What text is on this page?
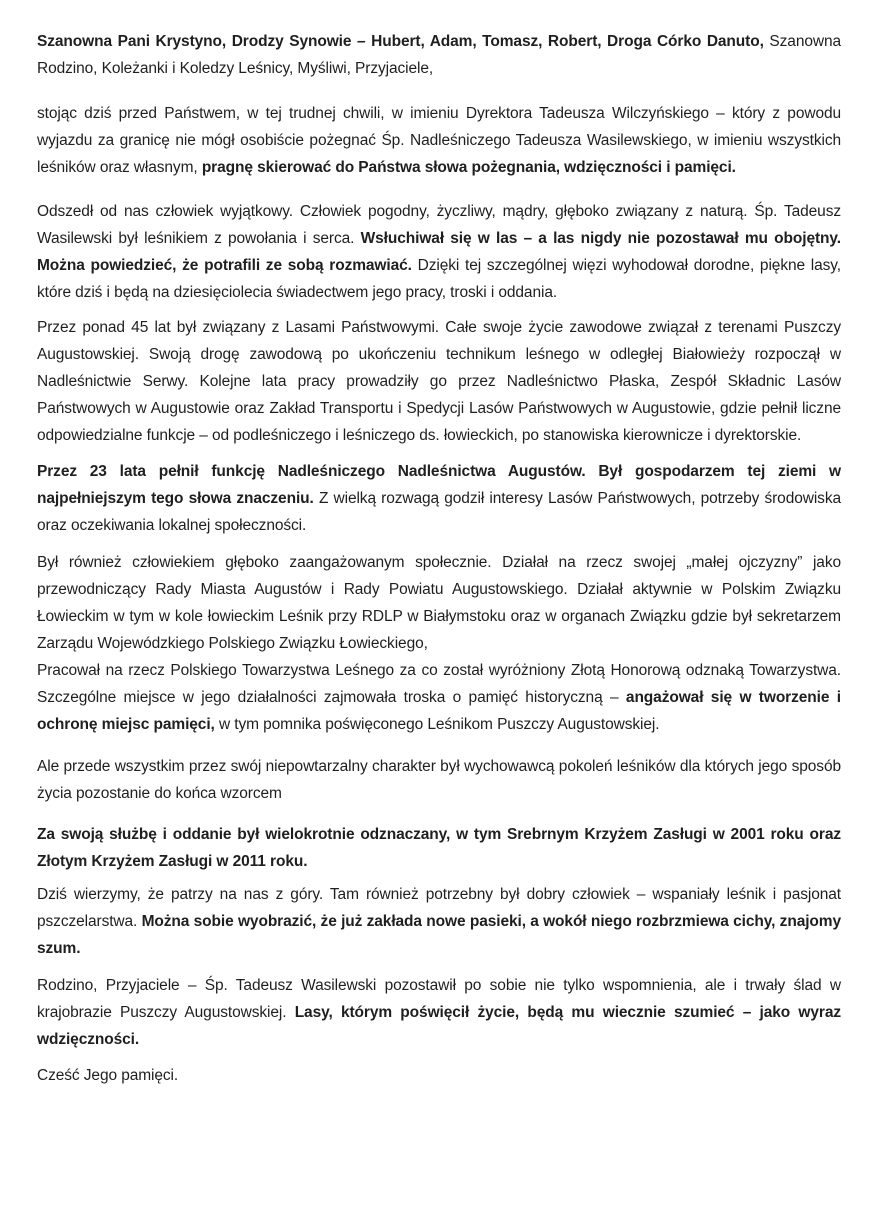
Szanowna Pani Krystyno, Drodzy Synowie – Hubert, Adam, Tomasz, Robert, Droga Córko Danuto, Szanowna Rodzino, Koleżanki i Koledzy Leśnicy, Myśliwi, Przyjaciele,

stojąc dziś przed Państwem, w tej trudnej chwili, w imieniu Dyrektora Tadeusza Wilczyńskiego – który z powodu wyjazdu za granicę nie mógł osobiście pożegnać Śp. Nadleśniczego Tadeusza Wasilewskiego, w imieniu wszystkich leśników oraz własnym, pragnę skierować do Państwa słowa pożegnania, wdzięczności i pamięci.

Odszedł od nas człowiek wyjątkowy. Człowiek pogodny, życzliwy, mądry, głęboko związany z naturą. Śp. Tadeusz Wasilewski był leśnikiem z powołania i serca. Wsłuchiwał się w las – a las nigdy nie pozostawał mu obojętny. Można powiedzieć, że potrafili ze sobą rozmawiać. Dzięki tej szczególnej więzi wyhodował dorodne, piękne lasy, które dziś i będą na dziesięciolecia świadectwem jego pracy, troski i oddania.

Przez ponad 45 lat był związany z Lasami Państwowymi. Całe swoje życie zawodowe związał z terenami Puszczy Augustowskiej. Swoją drogę zawodową po ukończeniu technikum leśnego w odległej Białowieży rozpoczął w Nadleśnictwie Serwy. Kolejne lata pracy prowadziły go przez Nadleśnictwo Płaska, Zespół Składnic Lasów Państwowych w Augustowie oraz Zakład Transportu i Spedycji Lasów Państwowych w Augustowie, gdzie pełnił liczne odpowiedzialne funkcje – od podleśniczego i leśniczego ds. łowieckich, po stanowiska kierownicze i dyrektorskie.

Przez 23 lata pełnił funkcję Nadleśniczego Nadleśnictwa Augustów. Był gospodarzem tej ziemi w najpełniejszym tego słowa znaczeniu. Z wielką rozwagą godził interesy Lasów Państwowych, potrzeby środowiska oraz oczekiwania lokalnej społeczności.

Był również człowiekiem głęboko zaangażowanym społecznie. Działał na rzecz swojej „małej ojczyzny” jako przewodniczący Rady Miasta Augustów i Rady Powiatu Augustowskiego. Działał aktywnie w Polskim Związku Łowieckim w tym w kole łowieckim Leśnik przy RDLP w Białymstoku oraz w organach Związku gdzie był sekretarzem Zarządu Wojewódzkiego Polskiego Związku Łowieckiego,

Pracował na rzecz Polskiego Towarzystwa Leśnego za co został wyróżniony Złotą Honorową odznaką Towarzystwa. Szczególne miejsce w jego działalności zajmowała troska o pamięć historyczną – angażował się w tworzenie i ochronę miejsc pamięci, w tym pomnika poświęconego Leśnikom Puszczy Augustowskiej.

Ale przede wszystkim przez swój niepowtarzalny charakter był wychowawcą pokoleń leśników dla których jego sposób życia pozostanie do końca wzorcem

Za swoją służbę i oddanie był wielokrotnie odznaczany, w tym Srebrnym Krzyżem Zasługi w 2001 roku oraz Złotym Krzyżem Zasługi w 2011 roku.

Dziś wierzymy, że patrzy na nas z góry. Tam również potrzebny był dobry człowiek – wspaniały leśnik i pasjonat pszczelarstwa. Można sobie wyobrazić, że już zakłada nowe pasieki, a wokół niego rozbrzmiewa cichy, znajomy szum.

Rodzino, Przyjaciele – Śp. Tadeusz Wasilewski pozostawił po sobie nie tylko wspomnienia, ale i trwały ślad w krajobrazie Puszczy Augustowskiej. Lasy, którym poświęcił życie, będą mu wiecznie szumieć – jako wyraz wdzięczności.

Cześć Jego pamięci.
